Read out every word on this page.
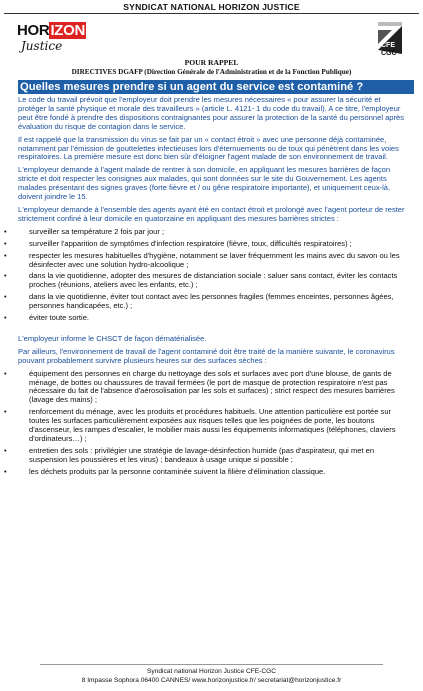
SYNDICAT NATIONAL HORIZON JUSTICE
HORIZON
Justice	CFE
CGC
POUR RAPPEL
DIRECTIVES DGAFP (Direction Générale de l'Administration et de la Fonction Publique)
Quelles mesures prendre si un agent du service est contaminé ?

Le code du travail prévoit que l'employeur doit prendre les mesures nécessaires « pour assurer la sécurité et protéger la santé physique et morale des travailleurs » (article L. 4121- 1 du code du travail). A ce titre, l'employeur peut être fondé à prendre des dispositions contraignantes pour assurer la protection de la santé du personnel après évaluation du risque de contagion dans le service.

Il est rappelé que la transmission du virus se fait par un « contact étroit » avec une personne déjà contaminée, notamment par l'émission de gouttelettes infectieuses lors d'éternuements ou de toux qui pénètrent dans les voies respiratoires. La première mesure est donc bien sûr d'éloigner l'agent malade de son environnement de travail.

L'employeur demande à l'agent malade de rentrer à son domicile, en appliquant les mesures barrières de façon stricte et doit respecter les consignes aux malades, qui sont données sur le site du Gouvernement. Les agents malades présentant des signes graves (forte fièvre et / ou gêne respiratoire importante), et uniquement ceux-là, doivent joindre le 15.

L'employeur demande à l'ensemble des agents ayant été en contact étroit et prolongé avec l'agent porteur de rester strictement confiné à leur domicile en quatorzaine en appliquant des mesures barrières strictes :

• surveiller sa température 2 fois par jour ;
• surveiller l'apparition de symptômes d'infection respiratoire (fièvre, toux, difficultés respiratoires) ;
• respecter les mesures habituelles d'hygiène, notamment se laver fréquemment les mains avec du savon ou les désinfecter avec une solution hydro-alcoolique ;
• dans la vie quotidienne, adopter des mesures de distanciation sociale : saluer sans contact, éviter les contacts proches (réunions, ateliers avec les enfants, etc.) ;
• dans la vie quotidienne, éviter tout contact avec les personnes fragiles (femmes enceintes, personnes âgées, personnes handicapées, etc.) ;
• éviter toute sortie.

L'employeur informe le CHSCT de façon dématérialisée.

Par ailleurs, l'environnement de travail de l'agent contaminé doit être traité de la manière suivante, le coronavirus pouvant probablement survivre plusieurs heures sur des surfaces sèches :

• équipement des personnes en charge du nettoyage des sols et surfaces avec port d'une blouse, de gants de ménage, de bottes ou chaussures de travail fermées (le port de masque de protection respiratoire n'est pas nécessaire du fait de l'absence d'aérosolisation par les sols et surfaces) ; strict respect des mesures barrières (lavage des mains) ;
• renforcement du ménage, avec les produits et procédures habituels. Une attention particulière est portée sur toutes les surfaces particulièrement exposées aux risques telles que les poignées de porte, les boutons d'ascenseur, les rampes d'escalier, le mobilier mais aussi les équipements informatiques (téléphones, claviers d'ordinateurs…) ;
• entretien des sols : privilégier une stratégie de lavage-désinfection humide (pas d'aspirateur, qui met en suspension les poussières et les virus) ; bandeaux à usage unique si possible ;
• les déchets produits par la personne contaminée suivent la filière d'élimination classique.
Syndicat national Horizon Justice CFE-CGC
8 Impasse Sophora 06400 CANNES/ www.horizonjustice.fr/ secretariat@horizonjustice.fr
